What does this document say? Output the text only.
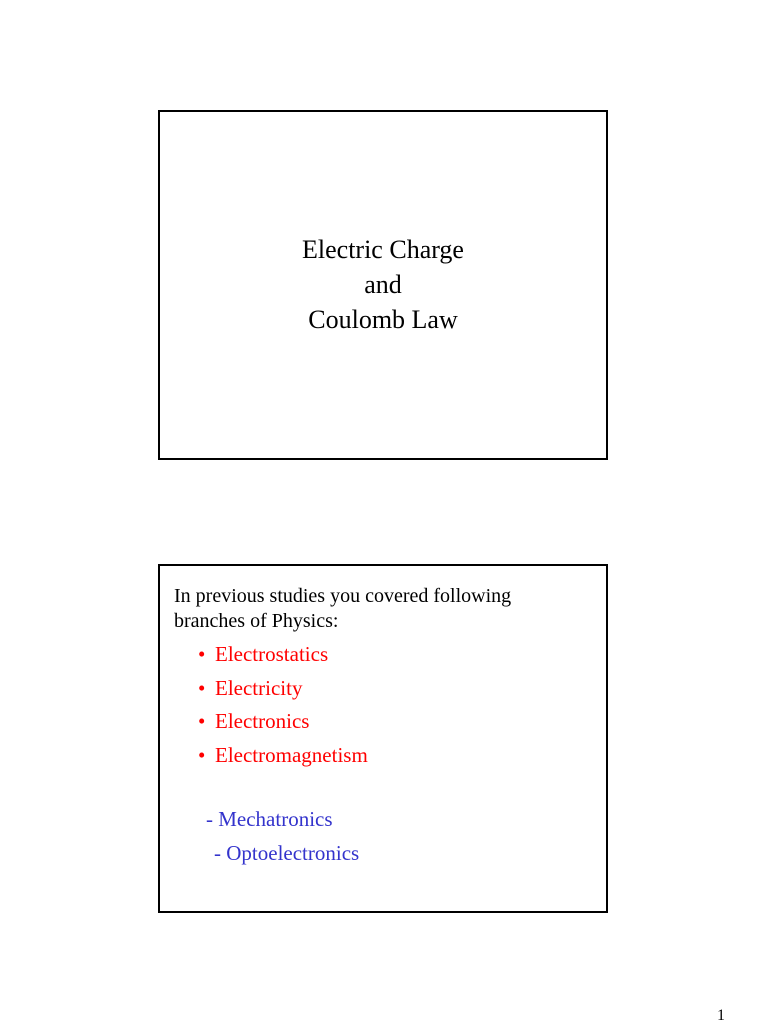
Electric Charge
and
Coulomb Law
In previous studies you covered following
branches of Physics:
• Electrostatics
• Electricity
• Electronics
• Electromagnetism
- Mechatronics
- Optoelectronics
1
